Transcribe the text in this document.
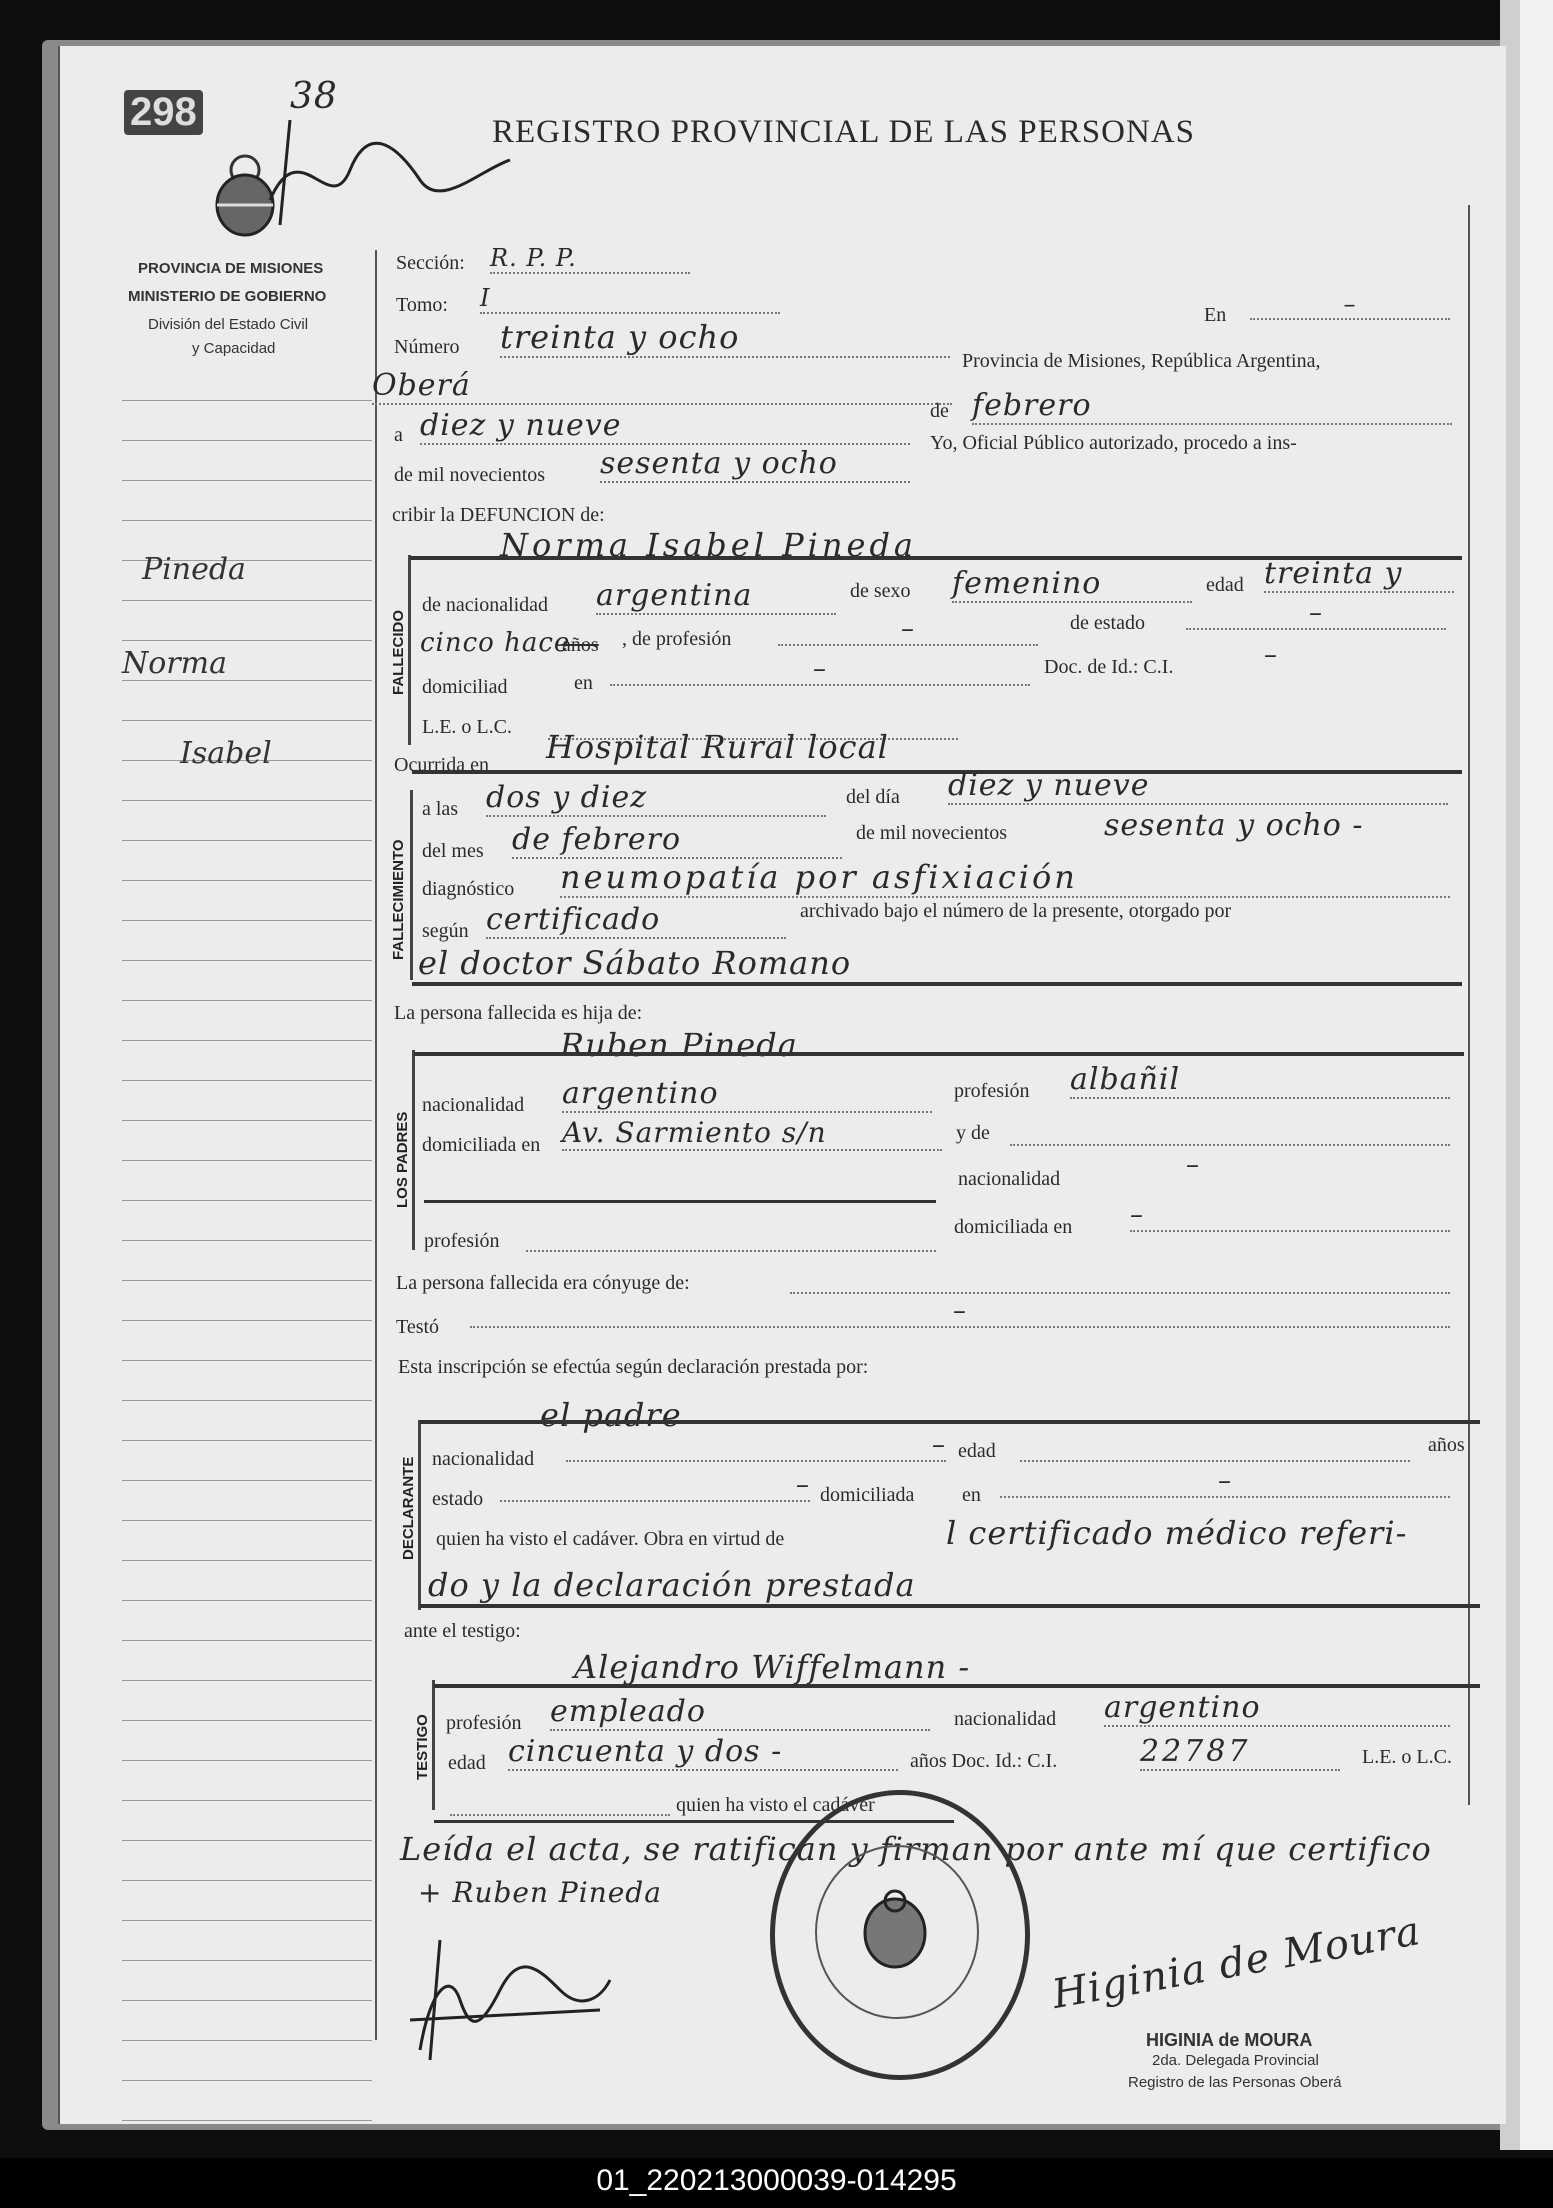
298	38
REGISTRO PROVINCIAL DE LAS PERSONAS
PROVINCIA DE MISIONES
MINISTERIO DE GOBIERNO
División del Estado Civil
y Capacidad
Pineda
Norma
Isabel
Sección: R. P. P.
Tomo: I
En	–
Número treinta y ocho
Oberá
Provincia de Misiones, República Argentina,
a diez y nueve	de febrero
de mil novecientos sesenta y ocho
Yo, Oficial Público autorizado, procedo a ins-
cribir la DEFUNCION de:
FALLECIDO
Norma Isabel Pineda
de nacionalidad argentina	de sexo femenino	edad treinta y
cinco hace
años , de profesión	–	de estado	–
domiciliad	en	–	Doc. de Id.: C.I.	–
L.E. o L.C.
FALLECIMIENTO
Ocurrida en Hospital Rural local
a las dos y diez	del día diez y nueve
del mes de febrero	de mil novecientos	sesenta y ocho -
diagnóstico neumopatía por asfixiación
según certificado	archivado bajo el número de la presente, otorgado por
el doctor Sábato Romano
La persona fallecida es hija de:
LOS PADRES
Ruben Pineda
nacionalidad argentino	profesión albañil
domiciliada en Av. Sarmiento s/n	y de
nacionalidad	–
profesión
domiciliada en –
La persona fallecida era cónyuge de:
Testó
–
Esta inscripción se efectúa según declaración prestada por:
DECLARANTE
el padre
nacionalidad	– edad	años
estado	– domiciliada en	–
quien ha visto el cadáver. Obra en virtud de	l certificado médico referi-
do y la declaración prestada
ante el testigo:
TESTIGO
Alejandro Wiffelmann -
profesión empleado	nacionalidad argentino
edad cincuenta y dos -	años Doc. Id.: C.I.	22787	L.E. o L.C.
quien ha visto el cadáver
Leída el acta, se ratifican y firman por ante mí que certifico
+ Ruben Pineda
Higinia de Moura
HIGINIA de MOURA
2da. Delegada Provincial
Registro de las Personas Oberá
01_220213000039-014295
